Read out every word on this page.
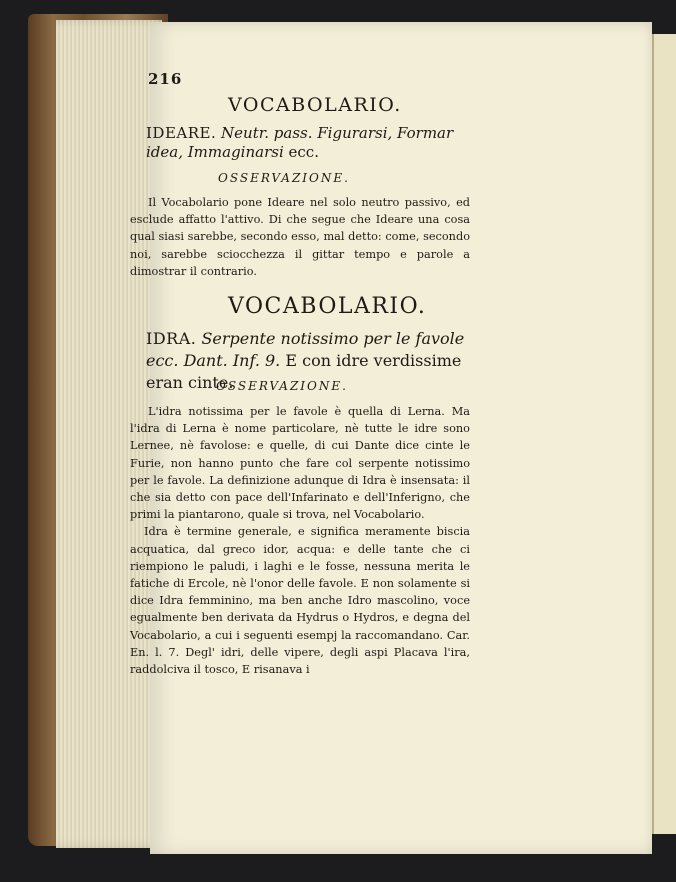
216
VOCABOLARIO.
IDEARE. Neutr. pass. Figurarsi, Formar idea, Immaginarsi ecc.
OSSERVAZIONE.

Il Vocabolario pone Ideare nel solo neutro passivo, ed esclude affatto l'attivo. Di che segue che Ideare una cosa qual siasi sarebbe, secondo esso, mal detto: come, secondo noi, sarebbe sciocchezza il gittar tempo e parole a dimostrar il contrario.

VOCABOLARIO.
IDRA. Serpente notissimo per le favole ecc. Dant. Inf. 9. E con idre verdissime eran cinte.
OSSERVAZIONE.

L'idra notissima per le favole è quella di Lerna. Ma l'idra di Lerna è nome particolare, nè tutte le idre sono Lernee, nè favolose: e quelle, di cui Dante dice cinte le Furie, non hanno punto che fare col serpente notissimo per le favole. La definizione adunque di Idra è insensata: il che sia detto con pace dell'Infarinato e dell'Inferigno, che primi la piantarono, quale si trova, nel Vocabolario.

Idra è termine generale, e significa meramente biscia acquatica, dal greco idor, acqua: e delle tante che ci riempiono le paludi, i laghi e le fosse, nessuna merita le fatiche di Ercole, nè l'onor delle favole. E non solamente si dice Idra femminino, ma ben anche Idro mascolino, voce egualmente ben derivata da Hydrus o Hydros, e degna del Vocabolario, a cui i seguenti esempj la raccomandano. Car. En. l. 7. Degl' idri, delle vipere, degli aspi Placava l'ira, raddolciva il tosco, E risanava i
